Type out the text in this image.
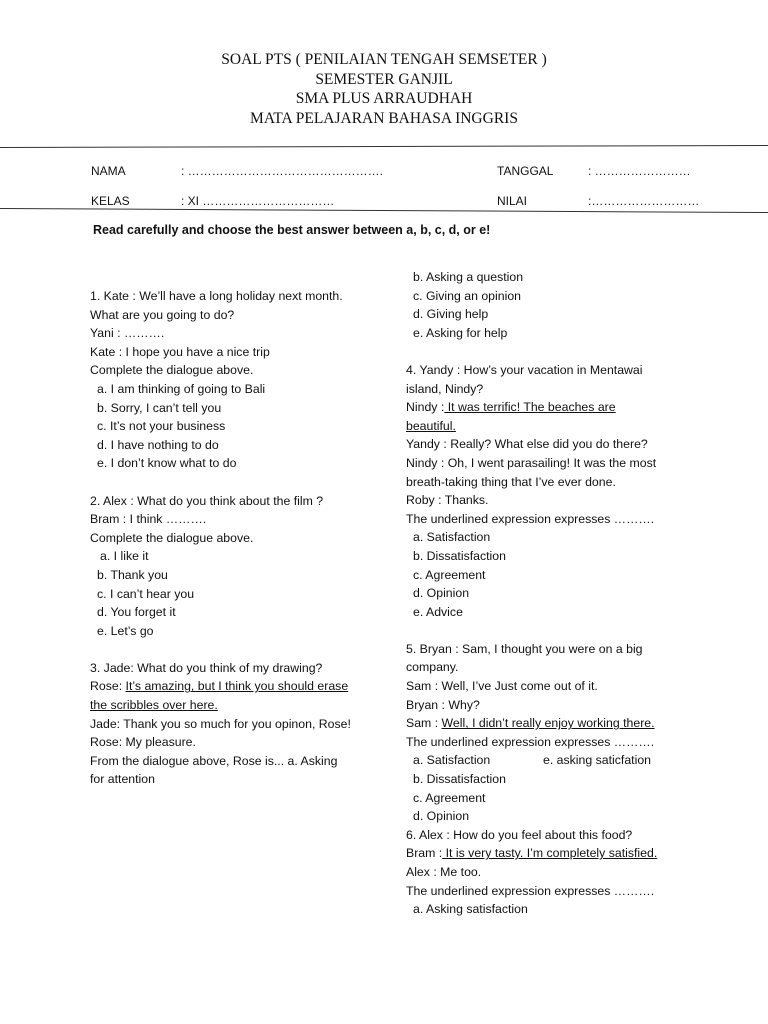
SOAL PTS ( PENILAIAN TENGAH SEMSETER )
SEMESTER GANJIL
SMA PLUS ARRAUDHAH
MATA PELAJARAN BAHASA INGGRIS
NAMA	: ………………………………………….	TANGGAL	: ……………………
KELAS	: XI ……………………………	NILAI	:………………………
Read carefully and choose the best answer between a, b, c, d, or e!
1. Kate : We’ll have a long holiday next month.
What are you going to do?
Yani : ……….
Kate : I hope you have a nice trip
Complete the dialogue above.
a. I am thinking of going to Bali
b. Sorry, I can’t tell you
c. It’s not your business
d. I have nothing to do
e. I don’t know what to do
2. Alex : What do you think about the film ?
Bram : I think ……….
Complete the dialogue above.
a. I like it
b. Thank you
c. I can’t hear you
d. You forget it
e. Let’s go
3. Jade: What do you think of my drawing?
Rose: It’s amazing, but I think you should erase
the scribbles over here.
Jade: Thank you so much for you opinon, Rose!
Rose: My pleasure.
From the dialogue above, Rose is... a. Asking
for attention
b. Asking a question
c. Giving an opinion
d. Giving help
e. Asking for help
4. Yandy : How’s your vacation in Mentawai
island, Nindy?
Nindy : It was terrific! The beaches are
beautiful.
Yandy : Really? What else did you do there?
Nindy : Oh, I went parasailing! It was the most
breath-taking thing that I’ve ever done.
Roby : Thanks.
The underlined expression expresses ……….
a. Satisfaction
b. Dissatisfaction
c. Agreement
d. Opinion
e. Advice
5. Bryan : Sam, I thought you were on a big
company.
Sam : Well, I’ve Just come out of it.
Bryan : Why?
Sam : Well, I didn’t really enjoy working there.
The underlined expression expresses ……….
a. Satisfaction	e. asking saticfation
b. Dissatisfaction
c. Agreement
d. Opinion
6. Alex : How do you feel about this food?
Bram : It is very tasty. I’m completely satisfied.
Alex : Me too.
The underlined expression expresses ……….
a. Asking satisfaction
